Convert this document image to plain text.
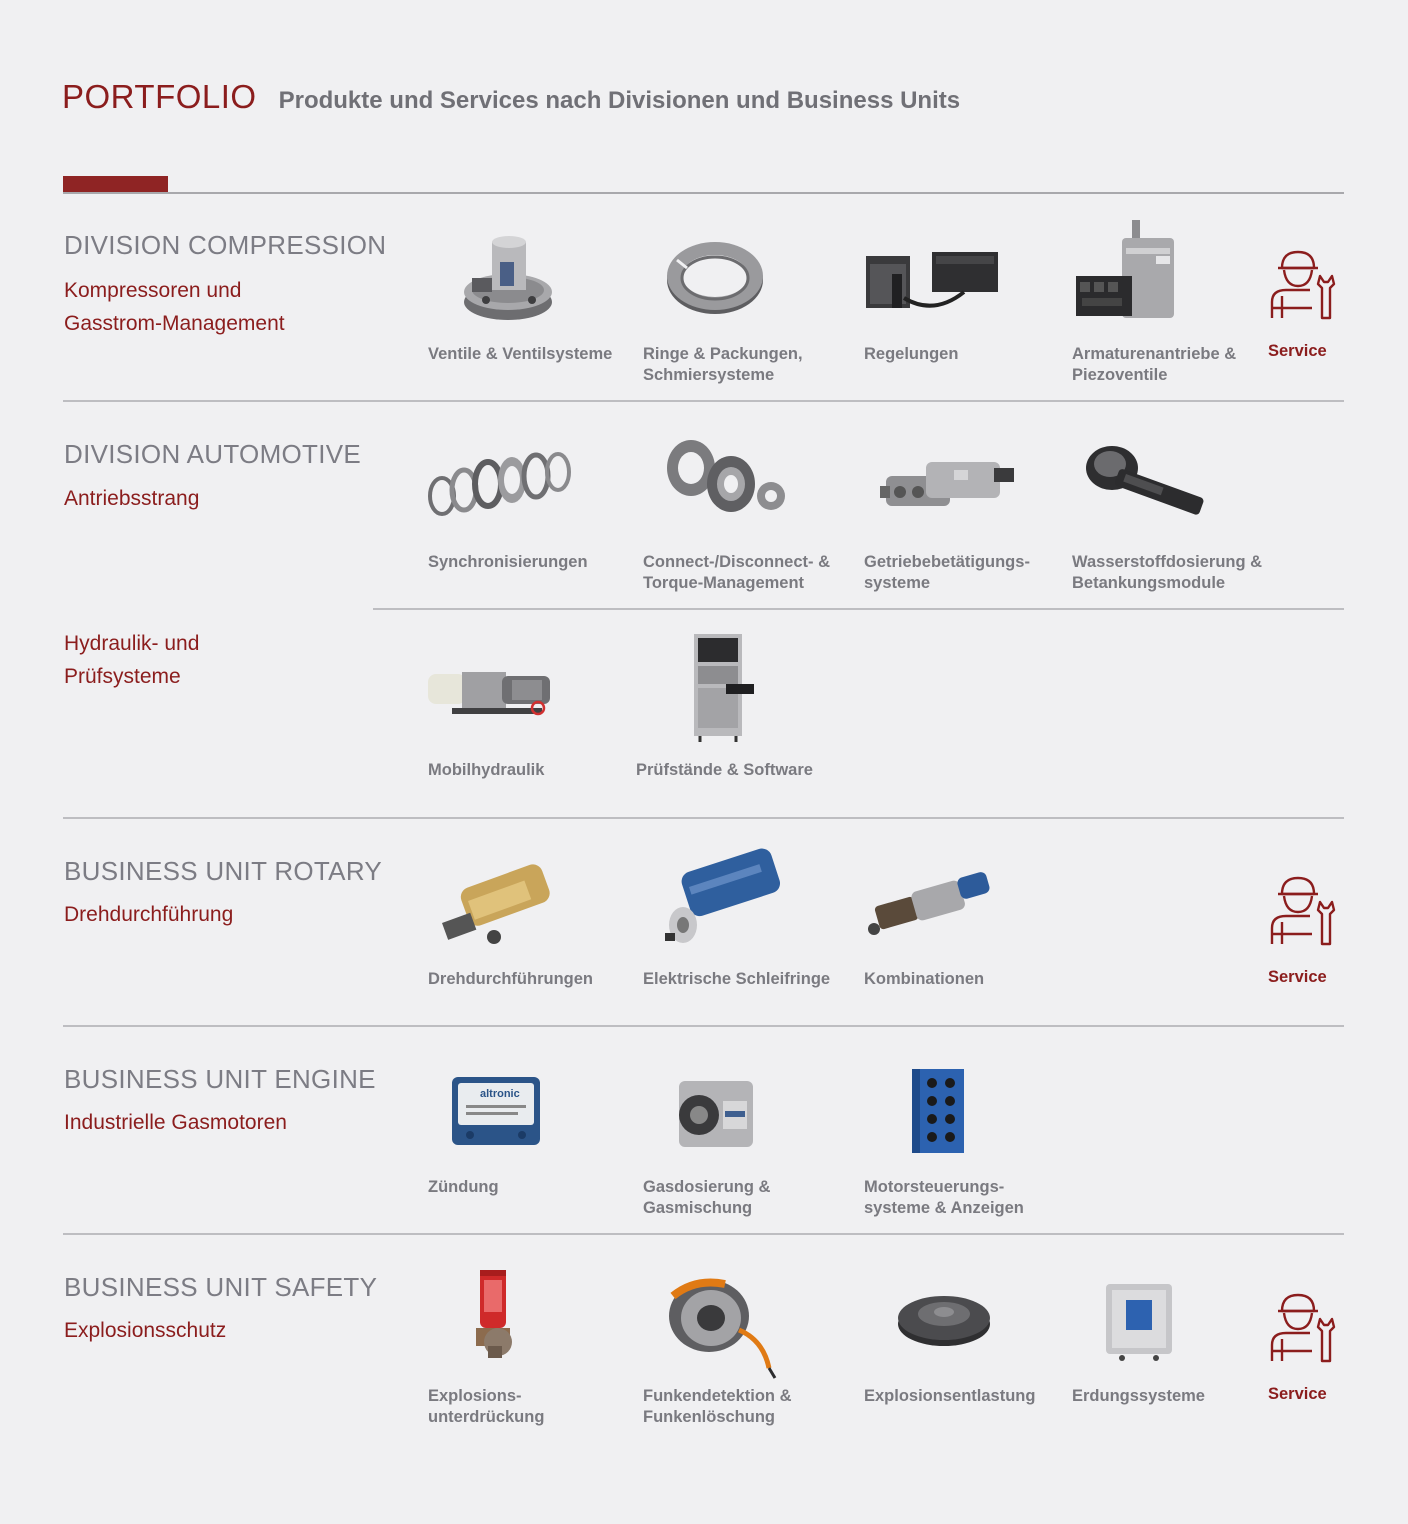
PORTFOLIO Produkte und Services nach Divisionen und Business Units
DIVISION COMPRESSION
Kompressoren und
Gasstrom-Management
Ventile & Ventilsysteme Ringe & Packungen,
Schmiersysteme
Regelungen	Armaturenantriebe &
Piezoventile
Service
DIVISION AUTOMOTIVE
Antriebsstrang
Synchronisierungen	Connect-/Disconnect- &
Torque-Management
Getriebebetätigungs-
systeme
Wasserstoffdosierung &
Betankungsmodule
Hydraulik- und
Prüfsysteme
Mobilhydraulik	Prüfstände & Software
BUSINESS UNIT ROTARY
Drehdurchführung
Drehdurchführungen	Elektrische Schleifringe Kombinationen	Service
BUSINESS UNIT ENGINE
Industrielle Gasmotoren
altronic
Zündung	Gasdosierung &
Gasmischung
Motorsteuerungs-
systeme & Anzeigen
BUSINESS UNIT SAFETY
Explosionsschutz
Explosions-
unterdrückung
Funkendetektion &
Funkenlöschung
Explosionsentlastung Erdungssysteme	Service
